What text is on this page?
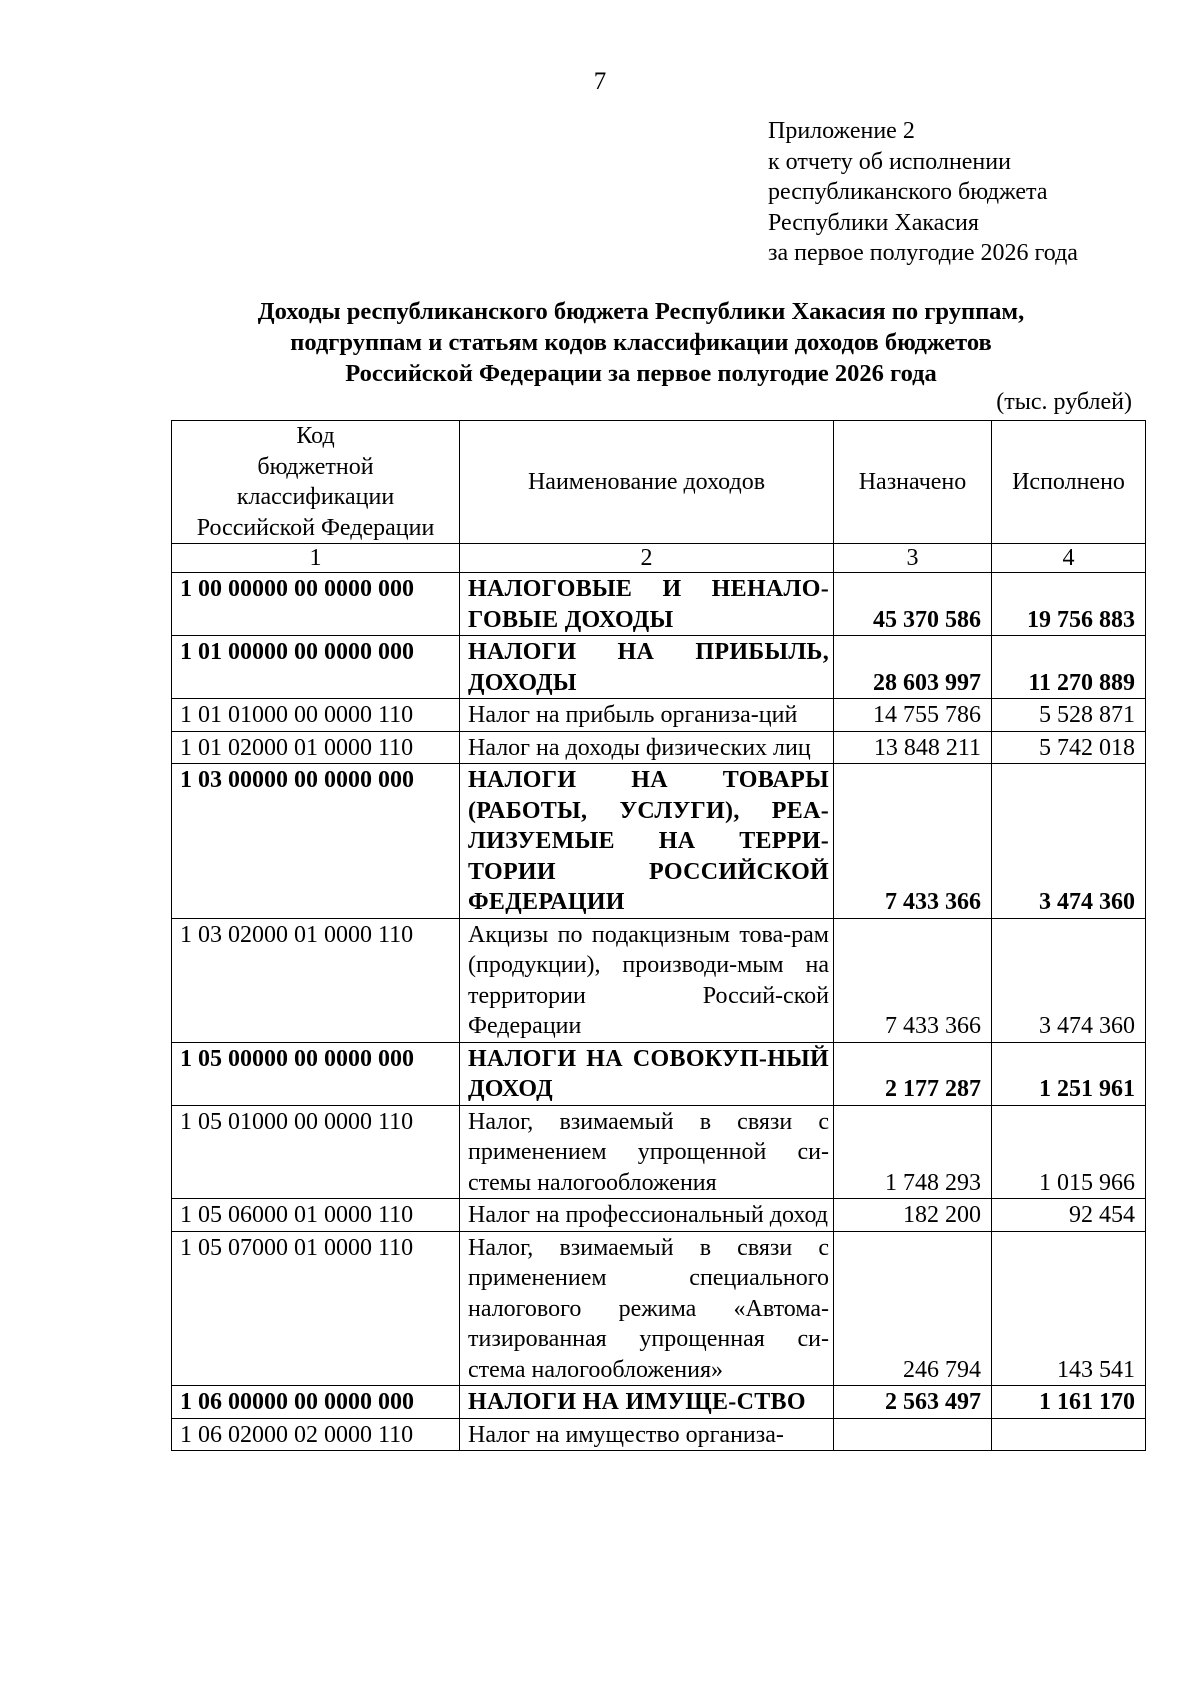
7
Приложение 2
к отчету об исполнении
республиканского бюджета
Республики Хакасия
за первое полугодие 2026 года
Доходы республиканского бюджета Республики Хакасия по группам,
подгруппам и статьям кодов классификации доходов бюджетов
Российской Федерации за первое полугодие 2026 года
(тыс. рублей)
Код
бюджетной
классификации
Российской Федерации	Наименование доходов	Назначено	Исполнено
1	2	3	4
1 00 00000 00 0000 000	НАЛОГОВЫЕ И НЕНАЛО-​ГОВЫЕ ДОХОДЫ	45 370 586	19 756 883
1 01 00000 00 0000 000	НАЛОГИ НА ПРИБЫЛЬ, ДОХОДЫ	28 603 997	11 270 889
1 01 01000 00 0000 110	Налог на прибыль организа-​ций	14 755 786	5 528 871
1 01 02000 01 0000 110	Налог на доходы физических лиц	13 848 211	5 742 018
1 03 00000 00 0000 000	НАЛОГИ НА ТОВАРЫ (РАБОТЫ, УСЛУГИ), РЕА-​ЛИЗУЕМЫЕ НА ТЕРРИ-​ТОРИИ РОССИЙСКОЙ ФЕДЕРАЦИИ	7 433 366	3 474 360
1 03 02000 01 0000 110	Акцизы по подакцизным това-​рам (продукции), производи-​мым на территории Россий-​ской Федерации	7 433 366	3 474 360
1 05 00000 00 0000 000	НАЛОГИ НА СОВОКУП-​НЫЙ ДОХОД	2 177 287	1 251 961
1 05 01000 00 0000 110	Налог, взимаемый в связи с применением упрощенной си-​стемы налогообложения	1 748 293	1 015 966
1 05 06000 01 0000 110	Налог на профессиональный доход	182 200	92 454
1 05 07000 01 0000 110	Налог, взимаемый в связи с применением специального налогового режима «Автома-​тизированная упрощенная си-​стема налогообложения»	246 794	143 541
1 06 00000 00 0000 000	НАЛОГИ НА ИМУЩЕ-​СТВО	2 563 497	1 161 170
1 06 02000 02 0000 110	Налог на имущество организа-		
